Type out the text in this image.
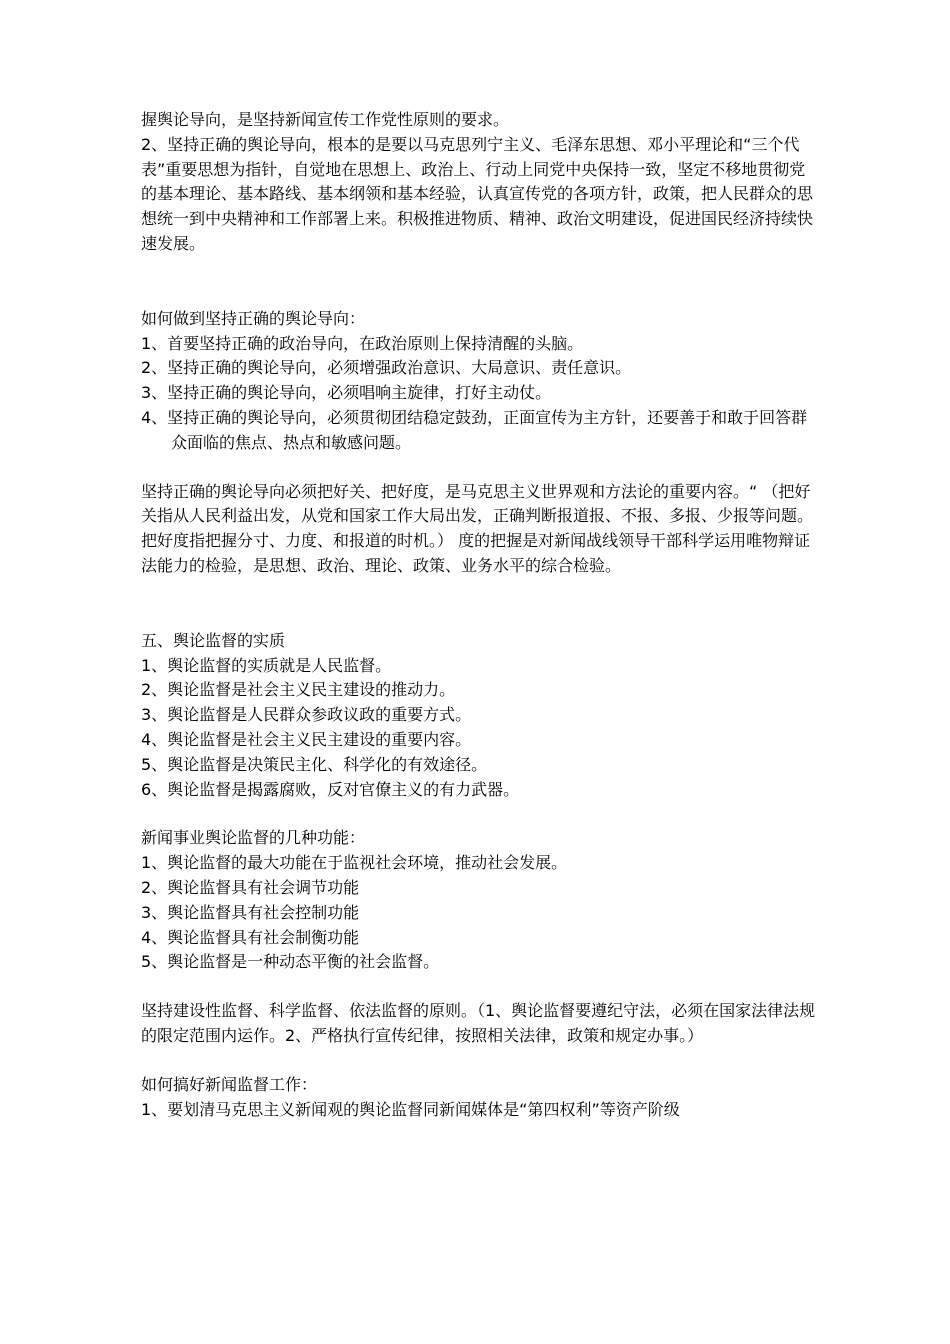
握舆论导向，是坚持新闻宣传工作党性原则的要求。

2、坚持正确的舆论导向，根本的是要以马克思列宁主义、毛泽东思想、邓小平理论和“三个代表”重要思想为指针，自觉地在思想上、政治上、行动上同党中央保持一致，坚定不移地贯彻党的基本理论、基本路线、基本纲领和基本经验，认真宣传党的各项方针，政策，把人民群众的思想统一到中央精神和工作部署上来。积极推进物质、精神、政治文明建设，促进国民经济持续快速发展。

如何做到坚持正确的舆论导向：

1、首要坚持正确的政治导向，在政治原则上保持清醒的头脑。

2、坚持正确的舆论导向，必须增强政治意识、大局意识、责任意识。

3、坚持正确的舆论导向，必须唱响主旋律，打好主动仗。

4、坚持正确的舆论导向，必须贯彻团结稳定鼓劲，正面宣传为主方针，还要善于和敢于回答群众面临的焦点、热点和敏感问题。

坚持正确的舆论导向必须把好关、把好度，是马克思主义世界观和方法论的重要内容。“ （把好关指从人民利益出发，从党和国家工作大局出发，正确判断报道报、不报、多报、少报等问题。把好度指把握分寸、力度、和报道的时机。） 度的把握是对新闻战线领导干部科学运用唯物辩证法能力的检验，是思想、政治、理论、政策、业务水平的综合检验。

五、舆论监督的实质

1、舆论监督的实质就是人民监督。

2、舆论监督是社会主义民主建设的推动力。

3、舆论监督是人民群众参政议政的重要方式。

4、舆论监督是社会主义民主建设的重要内容。

5、舆论监督是决策民主化、科学化的有效途径。

6、舆论监督是揭露腐败，反对官僚主义的有力武器。

新闻事业舆论监督的几种功能：

1、舆论监督的最大功能在于监视社会环境，推动社会发展。

2、舆论监督具有社会调节功能

3、舆论监督具有社会控制功能

4、舆论监督具有社会制衡功能

5、舆论监督是一种动态平衡的社会监督。

坚持建设性监督、科学监督、依法监督的原则。（1、舆论监督要遵纪守法，必须在国家法律法规的限定范围内运作。2、严格执行宣传纪律，按照相关法律，政策和规定办事。）

如何搞好新闻监督工作：

1、要划清马克思主义新闻观的舆论监督同新闻媒体是“第四权利”等资产阶级
